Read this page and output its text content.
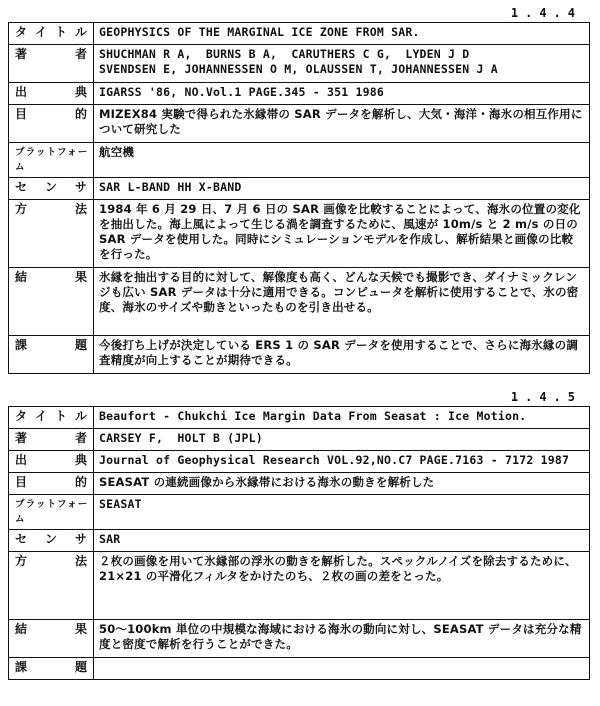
1.4.4
タイトル	GEOPHYSICS OF THE MARGINAL ICE ZONE FROM SAR.
著　者	SHUCHMAN R A,  BURNS B A,  CARUTHERS C G,  LYDEN J D
SVENDSEN E, JOHANNESSEN O M, OLAUSSEN T, JOHANNESSEN J A
出　典	IGARSS '86, NO.Vol.1 PAGE.345 - 351 1986
目　的	MIZEX84 実験で得られた氷縁帯の SAR データを解析し、大気・海洋・海氷の相互作用について研究した
プラットフォーム	航空機
センサ	SAR L-BAND HH X-BAND
方　法	1984 年 6 月 29 日、7 月 6 日の SAR 画像を比較することによって、海氷の位置の変化を抽出した。海上風によって生じる渦を調査するために、風速が 10m/s と 2 m/s の日の SAR データを使用した。同時にシミュレーションモデルを作成し、解析結果と画像の比較を行った。
結　果	氷縁を抽出する目的に対して、解像度も高く、どんな天候でも撮影でき、ダイナミックレンジも広い SAR データは十分に適用できる。コンピュータを解析に使用することで、氷の密度、海氷のサイズや動きといったものを引き出せる。
課　題	今後打ち上げが決定している ERS 1 の SAR データを使用することで、さらに海氷縁の調査精度が向上することが期待できる。
1.4.5
タイトル	Beaufort - Chukchi Ice Margin Data From Seasat : Ice Motion.
著　者	CARSEY F,  HOLT B (JPL)
出　典	Journal of Geophysical Research VOL.92,NO.C7 PAGE.7163 - 7172 1987
目　的	SEASAT の連続画像から氷縁帯における海氷の動きを解析した
プラットフォーム	SEASAT
センサ	SAR
方　法	２枚の画像を用いて氷縁部の浮氷の動きを解析した。スペックルノイズを除去するために、21×21 の平滑化フィルタをかけたのち、２枚の画の差をとった。
結　果	50～100km 単位の中規模な海域における海氷の動向に対し、SEASAT データは充分な精度と密度で解析を行うことができた。
課　題	
